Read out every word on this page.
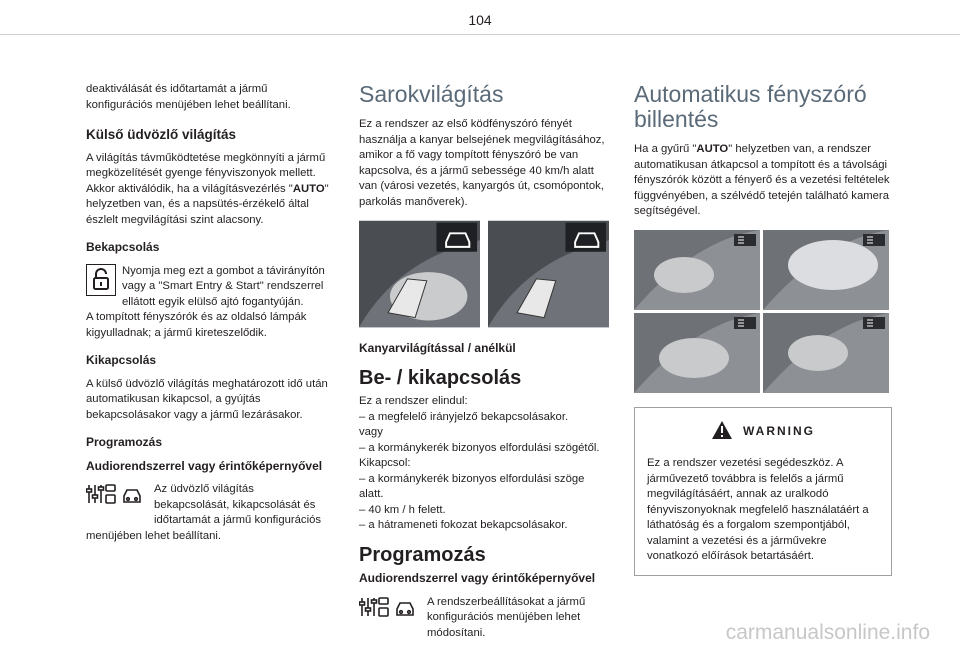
104

deaktiválását és időtartamát a jármű konfigurációs menüjében lehet beállítani.

Külső üdvözlő világítás

A világítás távműködtetése megkönnyíti a jármű megközelítését gyenge fényviszonyok mellett. Akkor aktiválódik, ha a világításvezérlés "AUTO" helyzetben van, és a napsütés-érzékelő által észlelt megvilágítási szint alacsony.

Bekapcsolás

Nyomja meg ezt a gombot a távirányítón vagy a "Smart Entry & Start" rendszerrel ellátott egyik elülső ajtó fogantyúján.
A tompított fényszórók és az oldalsó lámpák kigyulladnak; a jármű kireteszelődik.

Kikapcsolás

A külső üdvözlő világítás meghatározott idő után automatikusan kikapcsol, a gyújtás bekapcsolásakor vagy a jármű lezárásakor.

Programozás
Audiorendszerrel vagy érintőképernyővel

Az üdvözlő világítás bekapcsolását, kikapcsolását és időtartamát a jármű konfigurációs menüjében lehet beállítani.

Sarokvilágítás

Ez a rendszer az első ködfényszóró fényét használja a kanyar belsejének megvilágításához, amikor a fő vagy tompított fényszóró be van kapcsolva, és a jármű sebessége 40 km/h alatt van (városi vezetés, kanyargós út, csomópontok, parkolás manőverek).

Kanyarvilágítással / anélkül
Be- / kikapcsolás

Ez a rendszer elindul:
– a megfelelő irányjelző bekapcsolásakor.
vagy
– a kormánykerék bizonyos elfordulási szögétől.
Kikapcsol:
– a kormánykerék bizonyos elfordulási szöge alatt.
– 40 km / h felett.
– a hátrameneti fokozat bekapcsolásakor.

Programozás
Audiorendszerrel vagy érintőképernyővel

A rendszerbeállításokat a jármű konfigurációs menüjében lehet módosítani.

Automatikus fényszóró billentés

Ha a gyűrű "AUTO" helyzetben van, a rendszer automatikusan átkapcsol a tompított és a távolsági fényszórók között a fényerő és a vezetési feltételek függvényében, a szélvédő tetején található kamera segítségével.

WARNING

Ez a rendszer vezetési segédeszköz. A járművezető továbbra is felelős a jármű megvilágításáért, annak az uralkodó fényviszonyoknak megfelelő használatáért a láthatóság és a forgalom szempontjából, valamint a vezetési és a járművekre vonatkozó előírások betartásáért.

carmanualsonline.info
